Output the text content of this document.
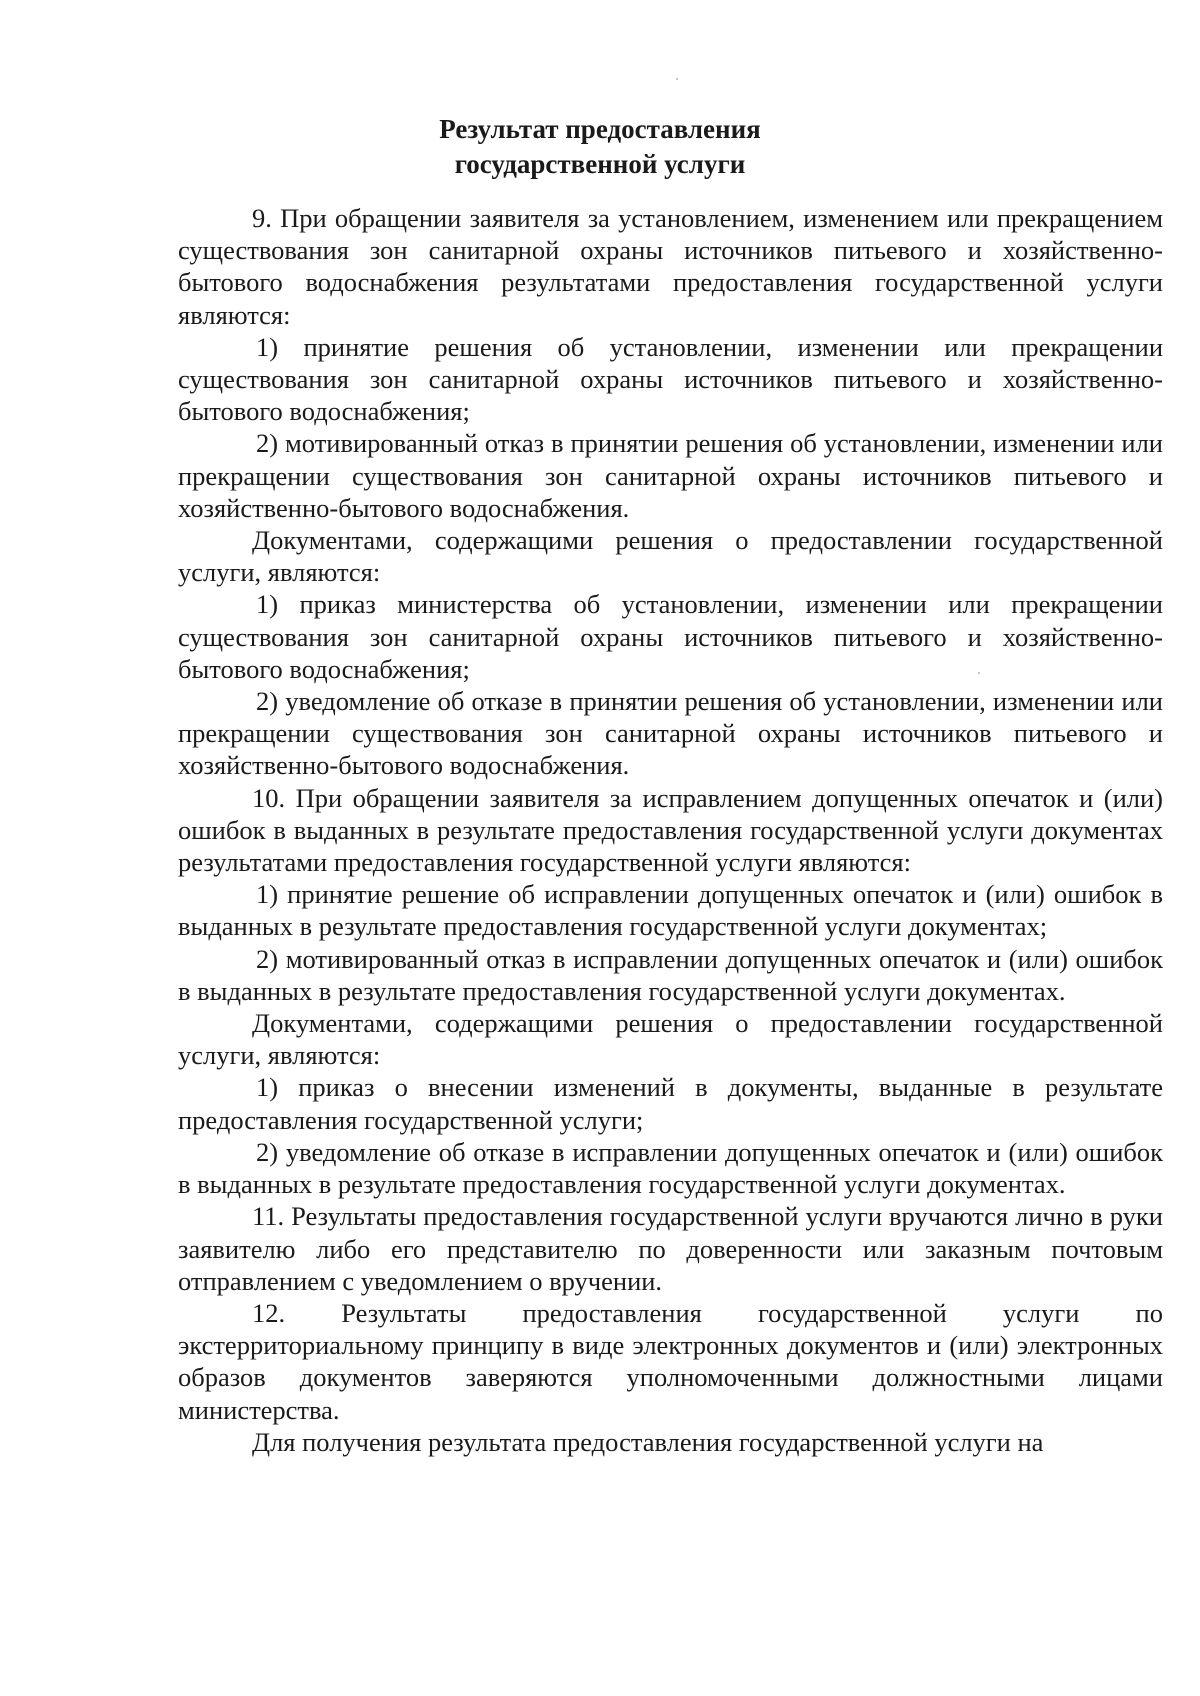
Результат предоставления
государственной услуги

9. При обращении заявителя за установлением, изменением или прекращением существования зон санитарной охраны источников питьевого и хозяйственно-бытового водоснабжения результатами предоставления государственной услуги являются:

1) принятие решения об установлении, изменении или прекращении существования зон санитарной охраны источников питьевого и хозяйственно-бытового водоснабжения;

2) мотивированный отказ в принятии решения об установлении, изменении или прекращении существования зон санитарной охраны источников питьевого и хозяйственно-бытового водоснабжения.

Документами, содержащими решения о предоставлении государственной услуги, являются:

1) приказ министерства об установлении, изменении или прекращении существования зон санитарной охраны источников питьевого и хозяйственно-бытового водоснабжения;

2) уведомление об отказе в принятии решения об установлении, изменении или прекращении существования зон санитарной охраны источников питьевого и хозяйственно-бытового водоснабжения.

10. При обращении заявителя за исправлением допущенных опечаток и (или) ошибок в выданных в результате предоставления государственной услуги документах результатами предоставления государственной услуги являются:

1) принятие решение об исправлении допущенных опечаток и (или) ошибок в выданных в результате предоставления государственной услуги документах;

2) мотивированный отказ в исправлении допущенных опечаток и (или) ошибок в выданных в результате предоставления государственной услуги документах.

Документами, содержащими решения о предоставлении государственной услуги, являются:

1) приказ о внесении изменений в документы, выданные в результате предоставления государственной услуги;

2) уведомление об отказе в исправлении допущенных опечаток и (или) ошибок в выданных в результате предоставления государственной услуги документах.

11. Результаты предоставления государственной услуги вручаются лично в руки заявителю либо его представителю по доверенности или заказным почтовым отправлением с уведомлением о вручении.

12. Результаты предоставления государственной услуги по экстерриториальному принципу в виде электронных документов и (или) электронных образов документов заверяются уполномоченными должностными лицами министерства.

Для получения результата предоставления государственной услуги на
